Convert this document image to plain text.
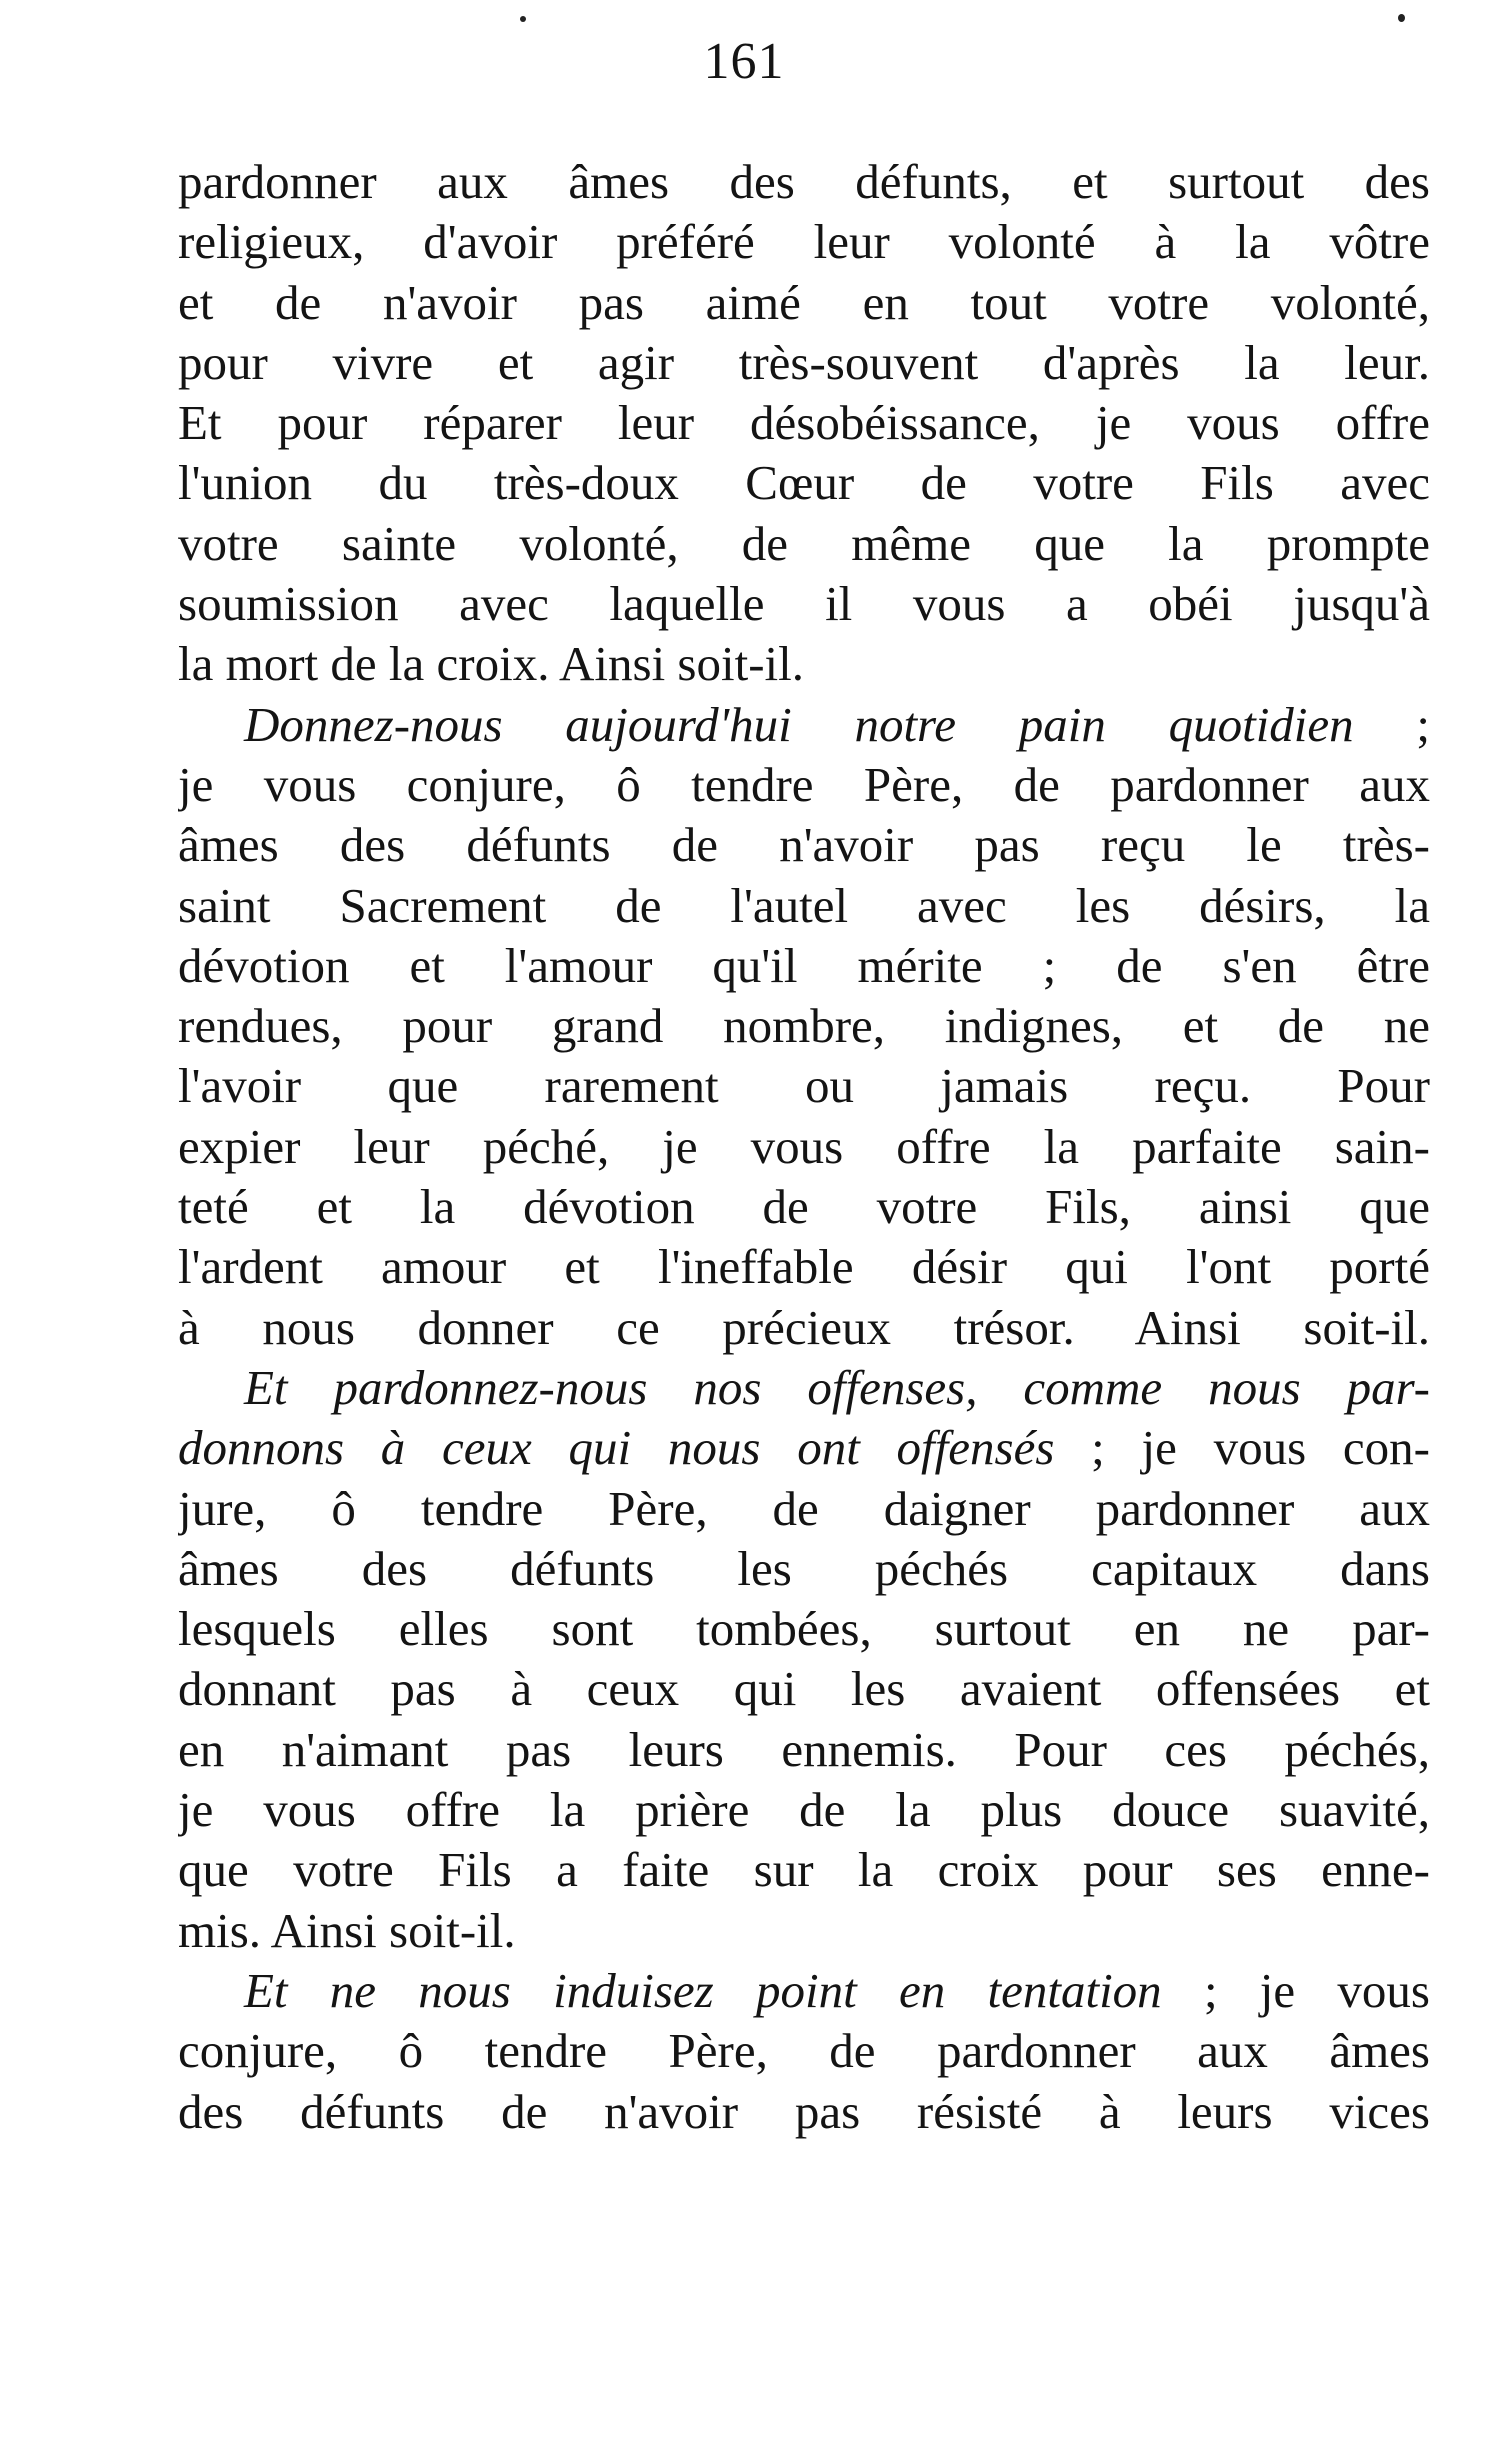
161
pardonner aux âmes des défunts, et surtout des
religieux, d'avoir préféré leur volonté à la vôtre
et de n'avoir pas aimé en tout votre volonté,
pour vivre et agir très-souvent d'après la leur.
Et pour réparer leur désobéissance, je vous offre
l'union du très-doux Cœur de votre Fils avec
votre sainte volonté, de même que la prompte
soumission avec laquelle il vous a obéi jusqu'à
la mort de la croix. Ainsi soit-il.
Donnez-nous aujourd'hui notre pain quotidien ;
je vous conjure, ô tendre Père, de pardonner aux
âmes des défunts de n'avoir pas reçu le très-
saint Sacrement de l'autel avec les désirs, la
dévotion et l'amour qu'il mérite ; de s'en être
rendues, pour grand nombre, indignes, et de ne
l'avoir que rarement ou jamais reçu. Pour
expier leur péché, je vous offre la parfaite sain-
teté et la dévotion de votre Fils, ainsi que
l'ardent amour et l'ineffable désir qui l'ont porté
à nous donner ce précieux trésor. Ainsi soit-il.
Et pardonnez-nous nos offenses, comme nous par-
donnons à ceux qui nous ont offensés ; je vous con-
jure, ô tendre Père, de daigner pardonner aux
âmes des défunts les péchés capitaux dans
lesquels elles sont tombées, surtout en ne par-
donnant pas à ceux qui les avaient offensées et
en n'aimant pas leurs ennemis. Pour ces péchés,
je vous offre la prière de la plus douce suavité,
que votre Fils a faite sur la croix pour ses enne-
mis. Ainsi soit-il.
Et ne nous induisez point en tentation ; je vous
conjure, ô tendre Père, de pardonner aux âmes
des défunts de n'avoir pas résisté à leurs vices
